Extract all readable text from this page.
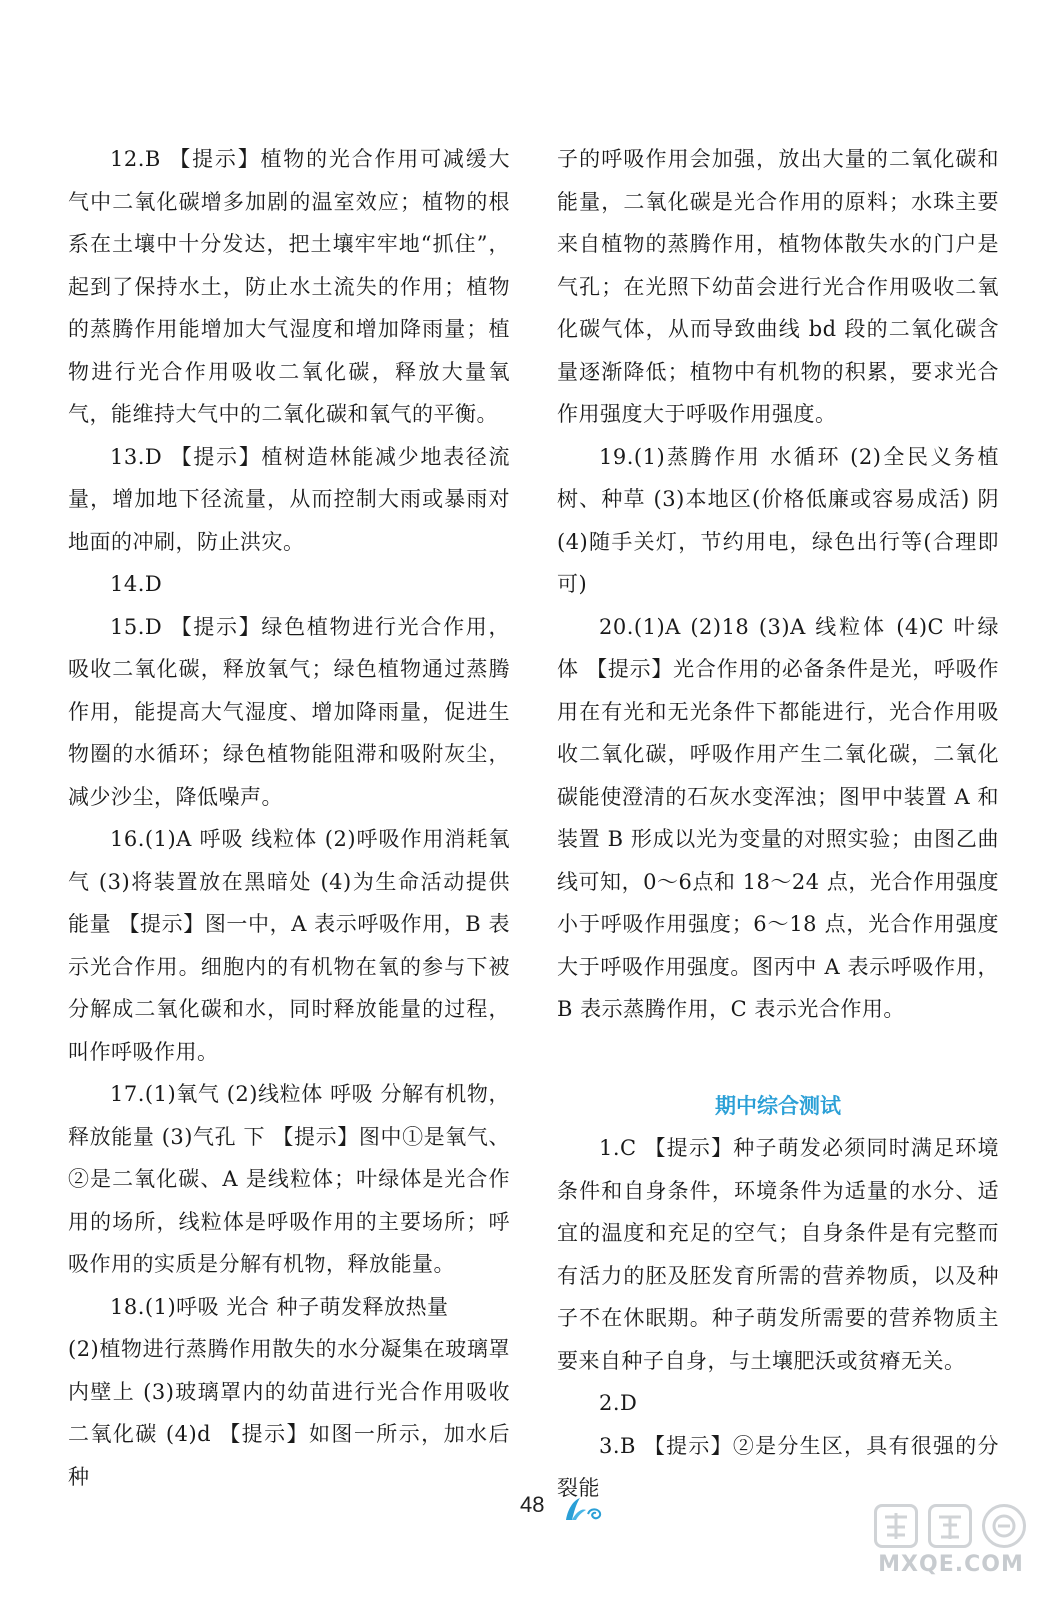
12.B 【提示】植物的光合作用可减缓大气中二氧化碳增多加剧的温室效应；植物的根系在土壤中十分发达，把土壤牢牢地“抓住”，起到了保持水土，防止水土流失的作用；植物的蒸腾作用能增加大气湿度和增加降雨量；植物进行光合作用吸收二氧化碳，释放大量氧气，能维持大气中的二氧化碳和氧气的平衡。

13.D 【提示】植树造林能减少地表径流量，增加地下径流量，从而控制大雨或暴雨对地面的冲刷，防止洪灾。

14.D

15.D 【提示】绿色植物进行光合作用，吸收二氧化碳，释放氧气；绿色植物通过蒸腾作用，能提高大气湿度、增加降雨量，促进生物圈的水循环；绿色植物能阻滞和吸附灰尘，减少沙尘，降低噪声。

16.(1)A 呼吸 线粒体 (2)呼吸作用消耗氧气 (3)将装置放在黑暗处 (4)为生命活动提供能量 【提示】图一中，A 表示呼吸作用，B 表示光合作用。细胞内的有机物在氧的参与下被分解成二氧化碳和水，同时释放能量的过程，叫作呼吸作用。

17.(1)氧气 (2)线粒体 呼吸 分解有机物，释放能量 (3)气孔 下 【提示】图中①是氧气、②是二氧化碳、A 是线粒体；叶绿体是光合作用的场所，线粒体是呼吸作用的主要场所；呼吸作用的实质是分解有机物，释放能量。

18.(1)呼吸 光合 种子萌发释放热量

(2)植物进行蒸腾作用散失的水分凝集在玻璃罩内壁上 (3)玻璃罩内的幼苗进行光合作用吸收二氧化碳 (4)d 【提示】如图一所示，加水后种

子的呼吸作用会加强，放出大量的二氧化碳和能量，二氧化碳是光合作用的原料；水珠主要来自植物的蒸腾作用，植物体散失水的门户是气孔；在光照下幼苗会进行光合作用吸收二氧化碳气体，从而导致曲线 bd 段的二氧化碳含量逐渐降低；植物中有机物的积累，要求光合作用强度大于呼吸作用强度。

19.(1)蒸腾作用 水循环 (2)全民义务植树、种草 (3)本地区(价格低廉或容易成活) 阴 (4)随手关灯，节约用电，绿色出行等(合理即可)

20.(1)A (2)18 (3)A 线粒体 (4)C 叶绿体 【提示】光合作用的必备条件是光，呼吸作用在有光和无光条件下都能进行，光合作用吸收二氧化碳，呼吸作用产生二氧化碳，二氧化碳能使澄清的石灰水变浑浊；图甲中装置 A 和装置 B 形成以光为变量的对照实验；由图乙曲线可知，0～6点和 18～24 点，光合作用强度小于呼吸作用强度；6～18 点，光合作用强度大于呼吸作用强度。图丙中 A 表示呼吸作用，B 表示蒸腾作用，C 表示光合作用。

期中综合测试

1.C 【提示】种子萌发必须同时满足环境条件和自身条件，环境条件为适量的水分、适宜的温度和充足的空气；自身条件是有完整而有活力的胚及胚发育所需的营养物质，以及种子不在休眠期。种子萌发所需要的营养物质主要来自种子自身，与土壤肥沃或贫瘠无关。

2.D

3.B 【提示】②是分生区，具有很强的分裂能

48
MXQE.COM
